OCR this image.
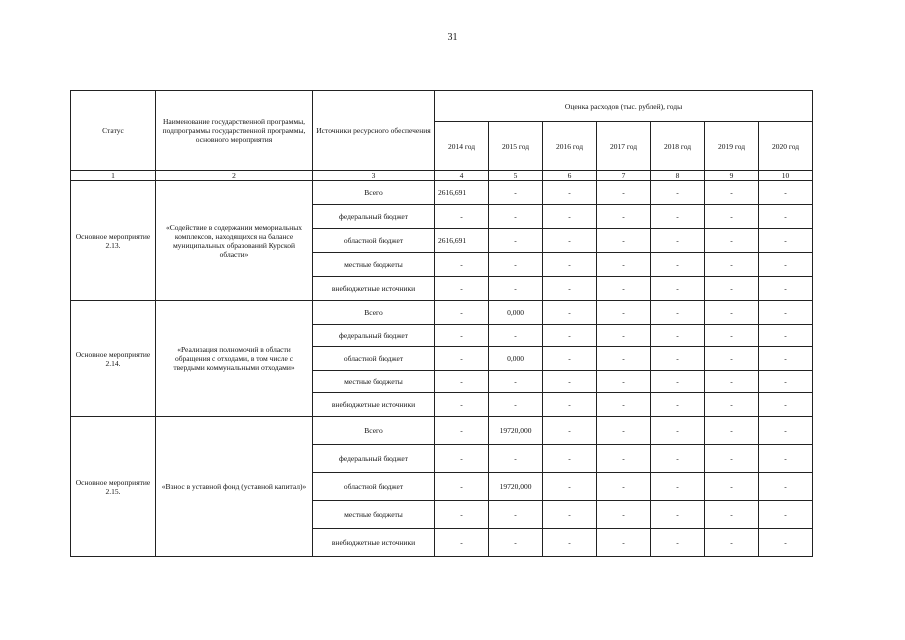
31
Статус	Наименование государственной программы, подпрограммы государственной программы, основного мероприятия	Источники ресурсного обеспечения	Оценка расходов (тыс. рублей), годы						
			2014 год	2015 год	2016 год	2017 год	2018 год	2019 год	2020 год
1	2	3	4	5	6	7	8	9	10
Основное мероприятие 2.13.	«Содействие в содержании мемориальных комплексов, находящихся на балансе муниципальных образований Курской области»	Всего	2616,691	-	-	-	-	-	-
		федеральный бюджет	-	-	-	-	-	-	-
		областной бюджет	2616,691	-	-	-	-	-	-
		местные бюджеты	-	-	-	-	-	-	-
		внебюджетные источники	-	-	-	-	-	-	-
Основное мероприятие 2.14.	«Реализация полномочий в области обращения с отходами, в том числе с твердыми коммунальными отходами»	Всего	-	0,000	-	-	-	-	-
		федеральный бюджет	-	-	-	-	-	-	-
		областной бюджет	-	0,000	-	-	-	-	-
		местные бюджеты	-	-	-	-	-	-	-
		внебюджетные источники	-	-	-	-	-	-	-
Основное мероприятие 2.15.	«Взнос в уставной фонд (уставной капитал)»	Всего	-	19720,000	-	-	-	-	-
		федеральный бюджет	-	-	-	-	-	-	-
		областной бюджет	-	19720,000	-	-	-	-	-
		местные бюджеты	-	-	-	-	-	-	-
		внебюджетные источники	-	-	-	-	-	-	-
